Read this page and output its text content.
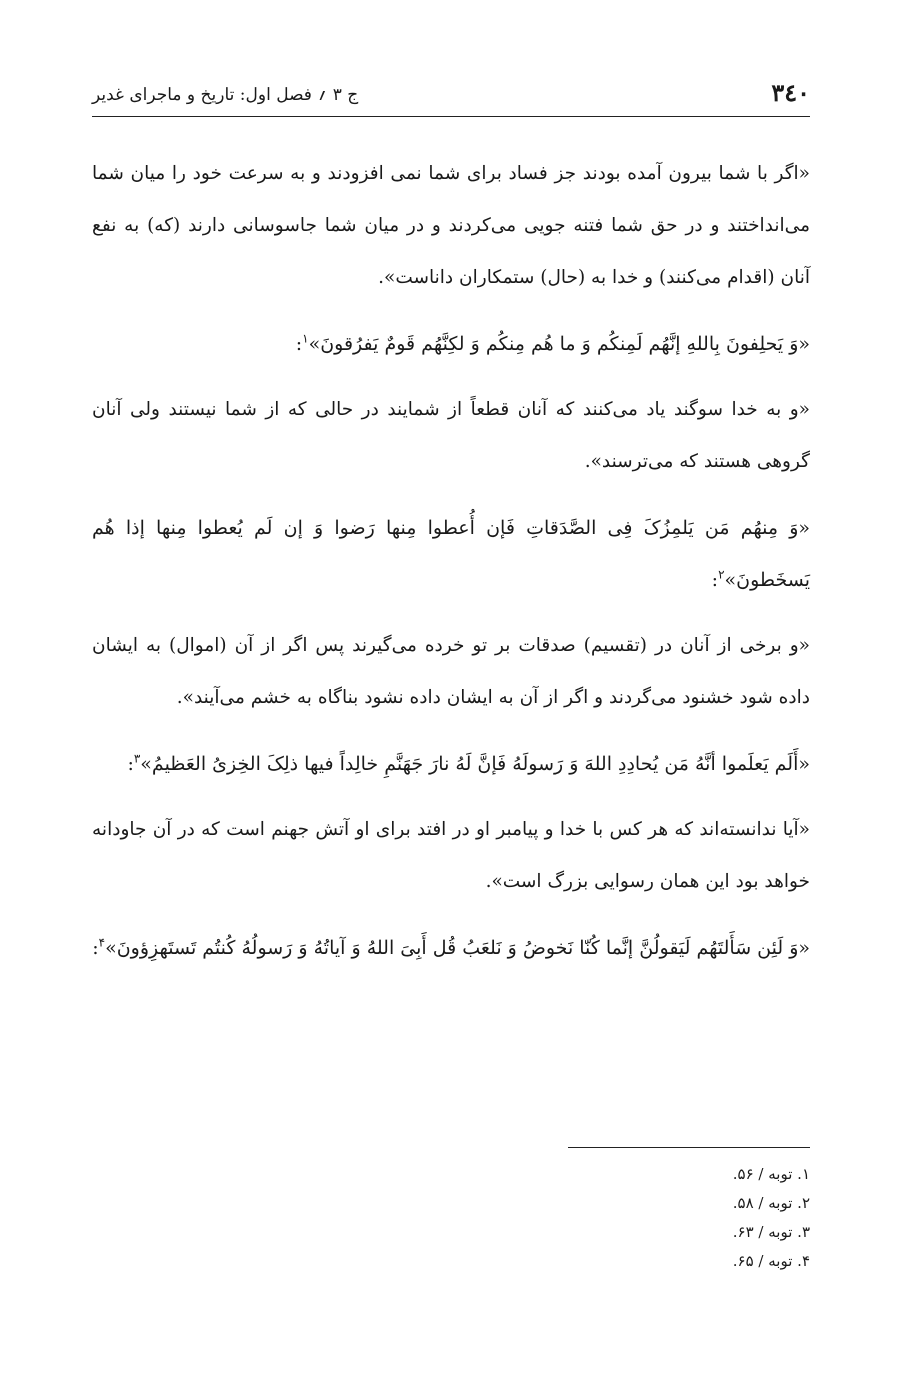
۳٤۰
ج ۳ ؍ فصل اول: تاریخ و ماجرای غدیر

«اگر با شما بیرون آمده بودند جز فساد برای شما نمی افزودند و به سرعت خود را میان شما می‌انداختند و در حق شما فتنه جویی می‌کردند و در میان شما جاسوسانی دارند (که) به نفع آنان (اقدام می‌کنند) و خدا به (حال) ستمکاران داناست».

«وَ یَحلِفونَ بِاللهِ إنَّهُم لَمِنکُم وَ ما هُم مِنکُم وَ لکِنَّهُم قَومٌ یَفرُقونَ»$^۱$:

«و به خدا سوگند یاد می‌کنند که آنان قطعاً از شمایند در حالی که از شما نیستند ولی آنان گروهی هستند که می‌ترسند».

«وَ مِنهُم مَن یَلمِزُکَ فِی الصَّدَقاتِ فَإن أُعطوا مِنها رَضوا وَ إن لَم یُعطوا مِنها إذا هُم یَسخَطونَ»$^۲$:

«و برخی از آنان در (تقسیم) صدقات بر تو خرده می‌گیرند پس اگر از آن (اموال) به ایشان داده شود خشنود می‌گردند و اگر از آن به ایشان داده نشود بناگاه به خشم می‌آیند».

«أَلَم یَعلَموا أنَّهُ مَن یُحادِدِ اللهَ وَ رَسولَهُ فَإنَّ لَهُ نارَ جَهَنَّمِ خالِداً فیها ذلِکَ الخِزیُ العَظیمُ»$^۳$:

«آیا ندانسته‌اند که هر کس با خدا و پیامبر او در افتد برای او آتش جهنم است که در آن جاودانه خواهد بود این همان رسوایی بزرگ است».

«وَ لَئِن سَأَلتَهُم لَیَقولُنَّ إنَّما کُنّا نَخوضُ وَ نَلعَبُ قُل أَبِیَ اللهُ وَ آیاتُهُ وَ رَسولُهُ کُنتُم تَستَهزِؤونَ»$^۴$:

۱. توبه / ۵۶.

۲. توبه / ۵۸.

۳. توبه / ۶۳.

۴. توبه / ۶۵.
